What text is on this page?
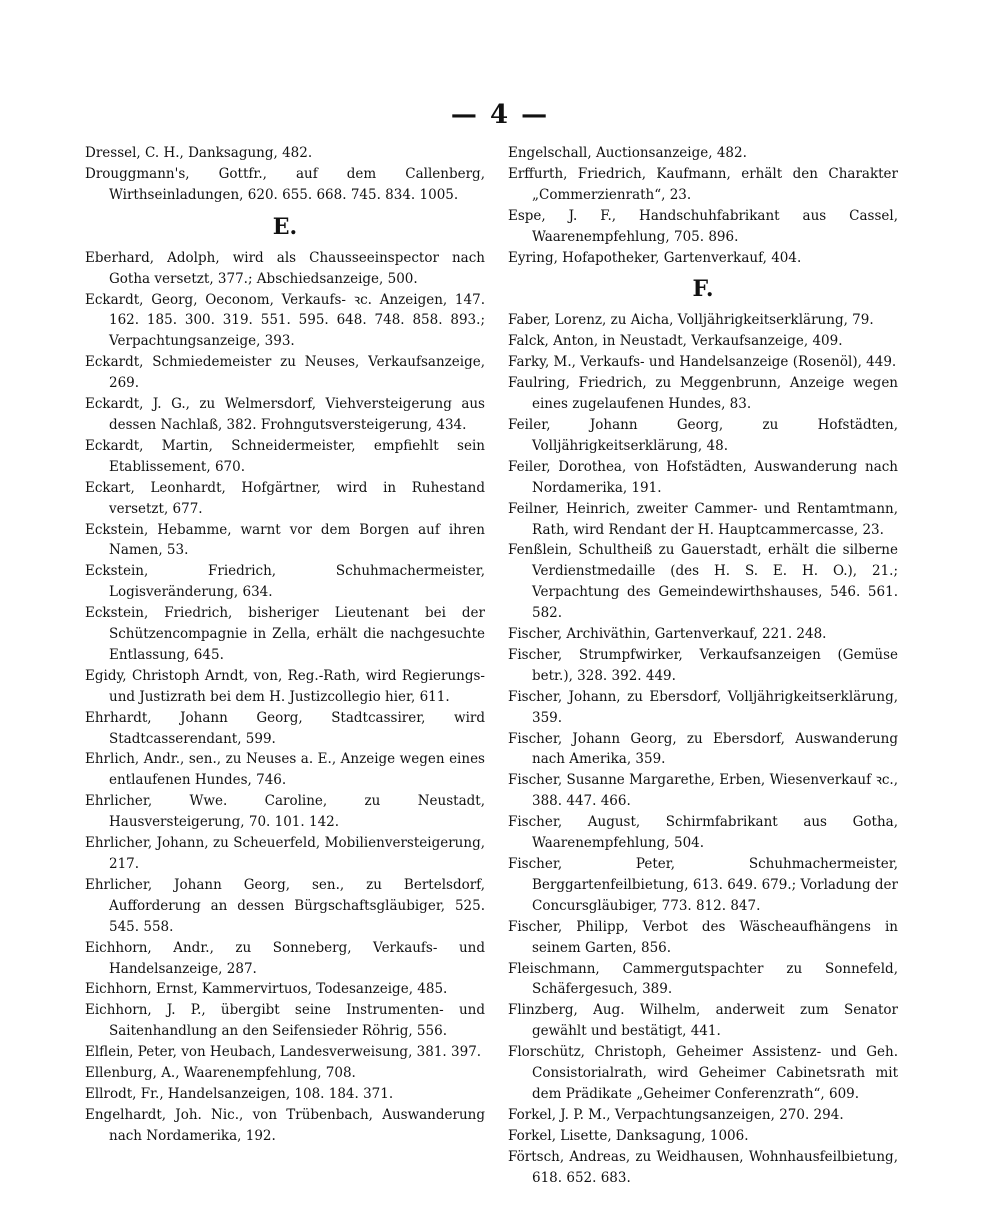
— 4 —
Dressel, C. H., Danksagung, 482.
Drouggmann's, Gottfr., auf dem Callenberg, Wirthseinladungen, 620. 655. 668. 745. 834. 1005.
E.
Eberhard, Adolph, wird als Chausseeinspector nach Gotha versetzt, 377.; Abschiedsanzeige, 500.
Eckardt, Georg, Oeconom, Verkaufs- ꝛc. Anzeigen, 147. 162. 185. 300. 319. 551. 595. 648. 748. 858. 893.; Verpachtungsanzeige, 393.
Eckardt, Schmiedemeister zu Neuses, Verkaufsanzeige, 269.
Eckardt, J. G., zu Welmersdorf, Viehversteigerung aus dessen Nachlaß, 382. Frohngutsversteigerung, 434.
Eckardt, Martin, Schneidermeister, empfiehlt sein Etablissement, 670.
Eckart, Leonhardt, Hofgärtner, wird in Ruhestand versetzt, 677.
Eckstein, Hebamme, warnt vor dem Borgen auf ihren Namen, 53.
Eckstein, Friedrich, Schuhmachermeister, Logisveränderung, 634.
Eckstein, Friedrich, bisheriger Lieutenant bei der Schützencompagnie in Zella, erhält die nachgesuchte Entlassung, 645.
Egidy, Christoph Arndt, von, Reg.-Rath, wird Regierungs- und Justizrath bei dem H. Justizcollegio hier, 611.
Ehrhardt, Johann Georg, Stadtcassirer, wird Stadtcasserendant, 599.
Ehrlich, Andr., sen., zu Neuses a. E., Anzeige wegen eines entlaufenen Hundes, 746.
Ehrlicher, Wwe. Caroline, zu Neustadt, Hausversteigerung, 70. 101. 142.
Ehrlicher, Johann, zu Scheuerfeld, Mobilienversteigerung, 217.
Ehrlicher, Johann Georg, sen., zu Bertelsdorf, Aufforderung an dessen Bürgschaftsgläubiger, 525. 545. 558.
Eichhorn, Andr., zu Sonneberg, Verkaufs- und Handelsanzeige, 287.
Eichhorn, Ernst, Kammervirtuos, Todesanzeige, 485.
Eichhorn, J. P., übergibt seine Instrumenten- und Saitenhandlung an den Seifensieder Röhrig, 556.
Elflein, Peter, von Heubach, Landesverweisung, 381. 397.
Ellenburg, A., Waarenempfehlung, 708.
Ellrodt, Fr., Handelsanzeigen, 108. 184. 371.
Engelhardt, Joh. Nic., von Trübenbach, Auswanderung nach Nordamerika, 192.
Engelschall, Auctionsanzeige, 482.
Erffurth, Friedrich, Kaufmann, erhält den Charakter „Commerzienrath“, 23.
Espe, J. F., Handschuhfabrikant aus Cassel, Waarenempfehlung, 705. 896.
Eyring, Hofapotheker, Gartenverkauf, 404.
F.
Faber, Lorenz, zu Aicha, Volljährigkeitserklärung, 79.
Falck, Anton, in Neustadt, Verkaufsanzeige, 409.
Farky, M., Verkaufs- und Handelsanzeige (Rosenöl), 449.
Faulring, Friedrich, zu Meggenbrunn, Anzeige wegen eines zugelaufenen Hundes, 83.
Feiler, Johann Georg, zu Hofstädten, Volljährigkeitserklärung, 48.
Feiler, Dorothea, von Hofstädten, Auswanderung nach Nordamerika, 191.
Feilner, Heinrich, zweiter Cammer- und Rentamtmann, Rath, wird Rendant der H. Hauptcammercasse, 23.
Fenßlein, Schultheiß zu Gauerstadt, erhält die silberne Verdienstmedaille (des H. S. E. H. O.), 21.; Verpachtung des Gemeindewirthshauses, 546. 561. 582.
Fischer, Archiväthin, Gartenverkauf, 221. 248.
Fischer, Strumpfwirker, Verkaufsanzeigen (Gemüse betr.), 328. 392. 449.
Fischer, Johann, zu Ebersdorf, Volljährigkeitserklärung, 359.
Fischer, Johann Georg, zu Ebersdorf, Auswanderung nach Amerika, 359.
Fischer, Susanne Margarethe, Erben, Wiesenverkauf ꝛc., 388. 447. 466.
Fischer, August, Schirmfabrikant aus Gotha, Waarenempfehlung, 504.
Fischer, Peter, Schuhmachermeister, Berggartenfeilbietung, 613. 649. 679.; Vorladung der Concursgläubiger, 773. 812. 847.
Fischer, Philipp, Verbot des Wäscheaufhängens in seinem Garten, 856.
Fleischmann, Cammergutspachter zu Sonnefeld, Schäfergesuch, 389.
Flinzberg, Aug. Wilhelm, anderweit zum Senator gewählt und bestätigt, 441.
Florschütz, Christoph, Geheimer Assistenz- und Geh. Consistorialrath, wird Geheimer Cabinetsrath mit dem Prädikate „Geheimer Conferenzrath“, 609.
Forkel, J. P. M., Verpachtungsanzeigen, 270. 294.
Forkel, Lisette, Danksagung, 1006.
Förtsch, Andreas, zu Weidhausen, Wohnhausfeilbietung, 618. 652. 683.
